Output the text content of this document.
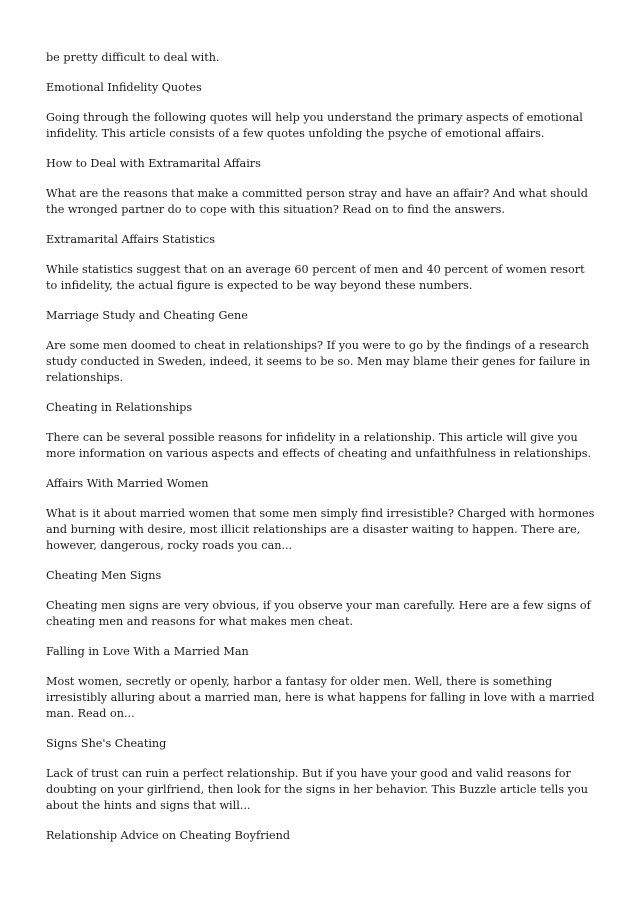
be pretty difficult to deal with.

Emotional Infidelity Quotes

Going through the following quotes will help you understand the primary aspects of emotional infidelity. This article consists of a few quotes unfolding the psyche of emotional affairs.

How to Deal with Extramarital Affairs

What are the reasons that make a committed person stray and have an affair? And what should the wronged partner do to cope with this situation? Read on to find the answers.

Extramarital Affairs Statistics

While statistics suggest that on an average 60 percent of men and 40 percent of women resort to infidelity, the actual figure is expected to be way beyond these numbers.

Marriage Study and Cheating Gene

Are some men doomed to cheat in relationships? If you were to go by the findings of a research study conducted in Sweden, indeed, it seems to be so. Men may blame their genes for failure in relationships.

Cheating in Relationships

There can be several possible reasons for infidelity in a relationship. This article will give you more information on various aspects and effects of cheating and unfaithfulness in relationships.

Affairs With Married Women

What is it about married women that some men simply find irresistible? Charged with hormones and burning with desire, most illicit relationships are a disaster waiting to happen. There are, however, dangerous, rocky roads you can...

Cheating Men Signs

Cheating men signs are very obvious, if you observe your man carefully. Here are a few signs of cheating men and reasons for what makes men cheat.

Falling in Love With a Married Man

Most women, secretly or openly, harbor a fantasy for older men. Well, there is something irresistibly alluring about a married man, here is what happens for falling in love with a married man. Read on...

Signs She's Cheating

Lack of trust can ruin a perfect relationship. But if you have your good and valid reasons for doubting on your girlfriend, then look for the signs in her behavior. This Buzzle article tells you about the hints and signs that will...

Relationship Advice on Cheating Boyfriend
